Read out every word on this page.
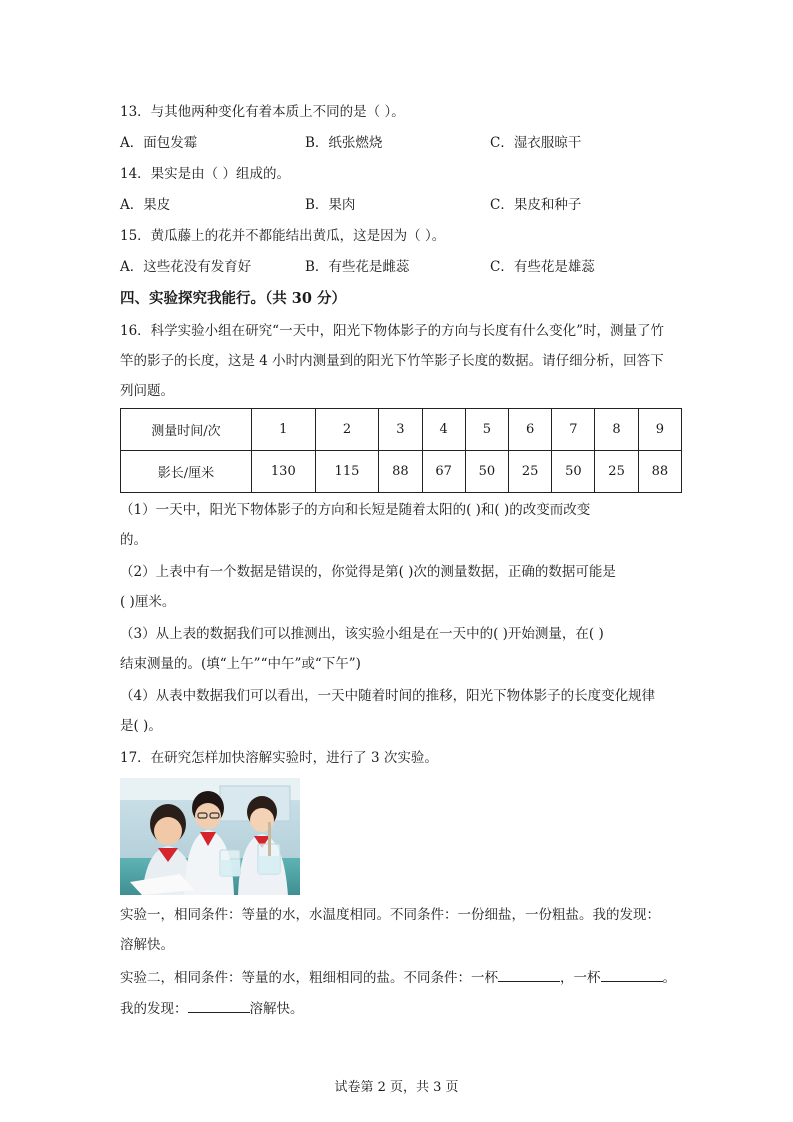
13．与其他两种变化有着本质上不同的是（ ）。
A．面包发霉	B．纸张燃烧	C．湿衣服晾干
14．果实是由（ ）组成的。
A．果皮	B．果肉	C．果皮和种子
15．黄瓜藤上的花并不都能结出黄瓜，这是因为（ ）。
A．这些花没有发育好	B．有些花是雌蕊	C．有些花是雄蕊
四、实验探究我能行。（共 30 分）
16．科学实验小组在研究“一天中，阳光下物体影子的方向与长度有什么变化”时，测量了竹
竿的影子的长度，这是 4 小时内测量到的阳光下竹竿影子长度的数据。请仔细分析，回答下
列问题。
测量时间/次	1	2	3	4	5	6	7	8	9
影长/厘米	130	115	88	67	50	25	50	25	88
（1）一天中，阳光下物体影子的方向和长短是随着太阳的( )和( )的改变而改变
的。
（2）上表中有一个数据是错误的，你觉得是第( )次的测量数据，正确的数据可能是
( )厘米。
（3）从上表的数据我们可以推测出，该实验小组是在一天中的( )开始测量，在( )
结束测量的。(填“上午”“中午”或“下午”)
（4）从表中数据我们可以看出，一天中随着时间的推移，阳光下物体影子的长度变化规律
是( )。
17．在研究怎样加快溶解实验时，进行了 3 次实验。
实验一，相同条件：等量的水，水温度相同。不同条件：一份细盐，一份粗盐。我的发现：
溶解快。
实验二，相同条件：等量的水，粗细相同的盐。不同条件：一杯	，一杯	。
我的发现：	溶解快。
试卷第 2 页，共 3 页
